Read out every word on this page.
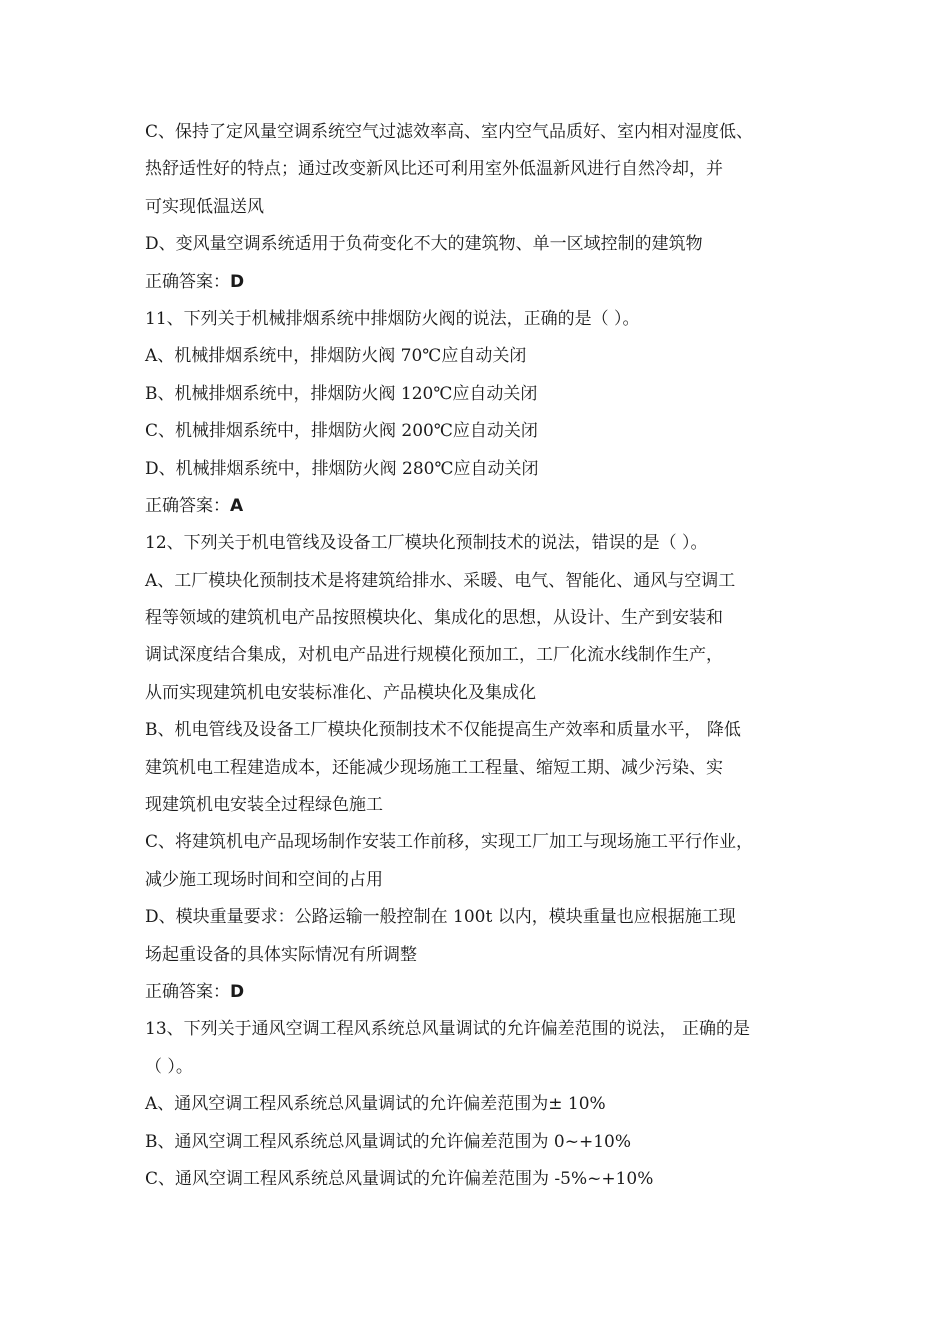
C、保持了定风量空调系统空气过滤效率高、室内空气品质好、室内相对湿度低、
热舒适性好的特点；通过改变新风比还可利用室外低温新风进行自然冷却，并
可实现低温送风
D、变风量空调系统适用于负荷变化不大的建筑物、单一区域控制的建筑物
正确答案：D
11、下列关于机械排烟系统中排烟防火阀的说法，正确的是（ ）。
A、机械排烟系统中，排烟防火阀 70℃应自动关闭
B、机械排烟系统中，排烟防火阀 120℃应自动关闭
C、机械排烟系统中，排烟防火阀 200℃应自动关闭
D、机械排烟系统中，排烟防火阀 280℃应自动关闭
正确答案：A
12、下列关于机电管线及设备工厂模块化预制技术的说法，错误的是（ ）。
A、工厂模块化预制技术是将建筑给排水、采暖、电气、智能化、通风与空调工
程等领域的建筑机电产品按照模块化、集成化的思想，从设计、生产到安装和
调试深度结合集成，对机电产品进行规模化预加工，工厂化流水线制作生产，
从而实现建筑机电安装标准化、产品模块化及集成化
B、机电管线及设备工厂模块化预制技术不仅能提高生产效率和质量水平， 降低
建筑机电工程建造成本，还能减少现场施工工程量、缩短工期、减少污染、实
现建筑机电安装全过程绿色施工
C、将建筑机电产品现场制作安装工作前移，实现工厂加工与现场施工平行作业，
减少施工现场时间和空间的占用
D、模块重量要求：公路运输一般控制在 100t 以内，模块重量也应根据施工现
场起重设备的具体实际情况有所调整
正确答案：D
13、下列关于通风空调工程风系统总风量调试的允许偏差范围的说法， 正确的是
（ ）。
A、通风空调工程风系统总风量调试的允许偏差范围为± 10%
B、通风空调工程风系统总风量调试的允许偏差范围为 0~+10%
C、通风空调工程风系统总风量调试的允许偏差范围为 -5%~+10%
